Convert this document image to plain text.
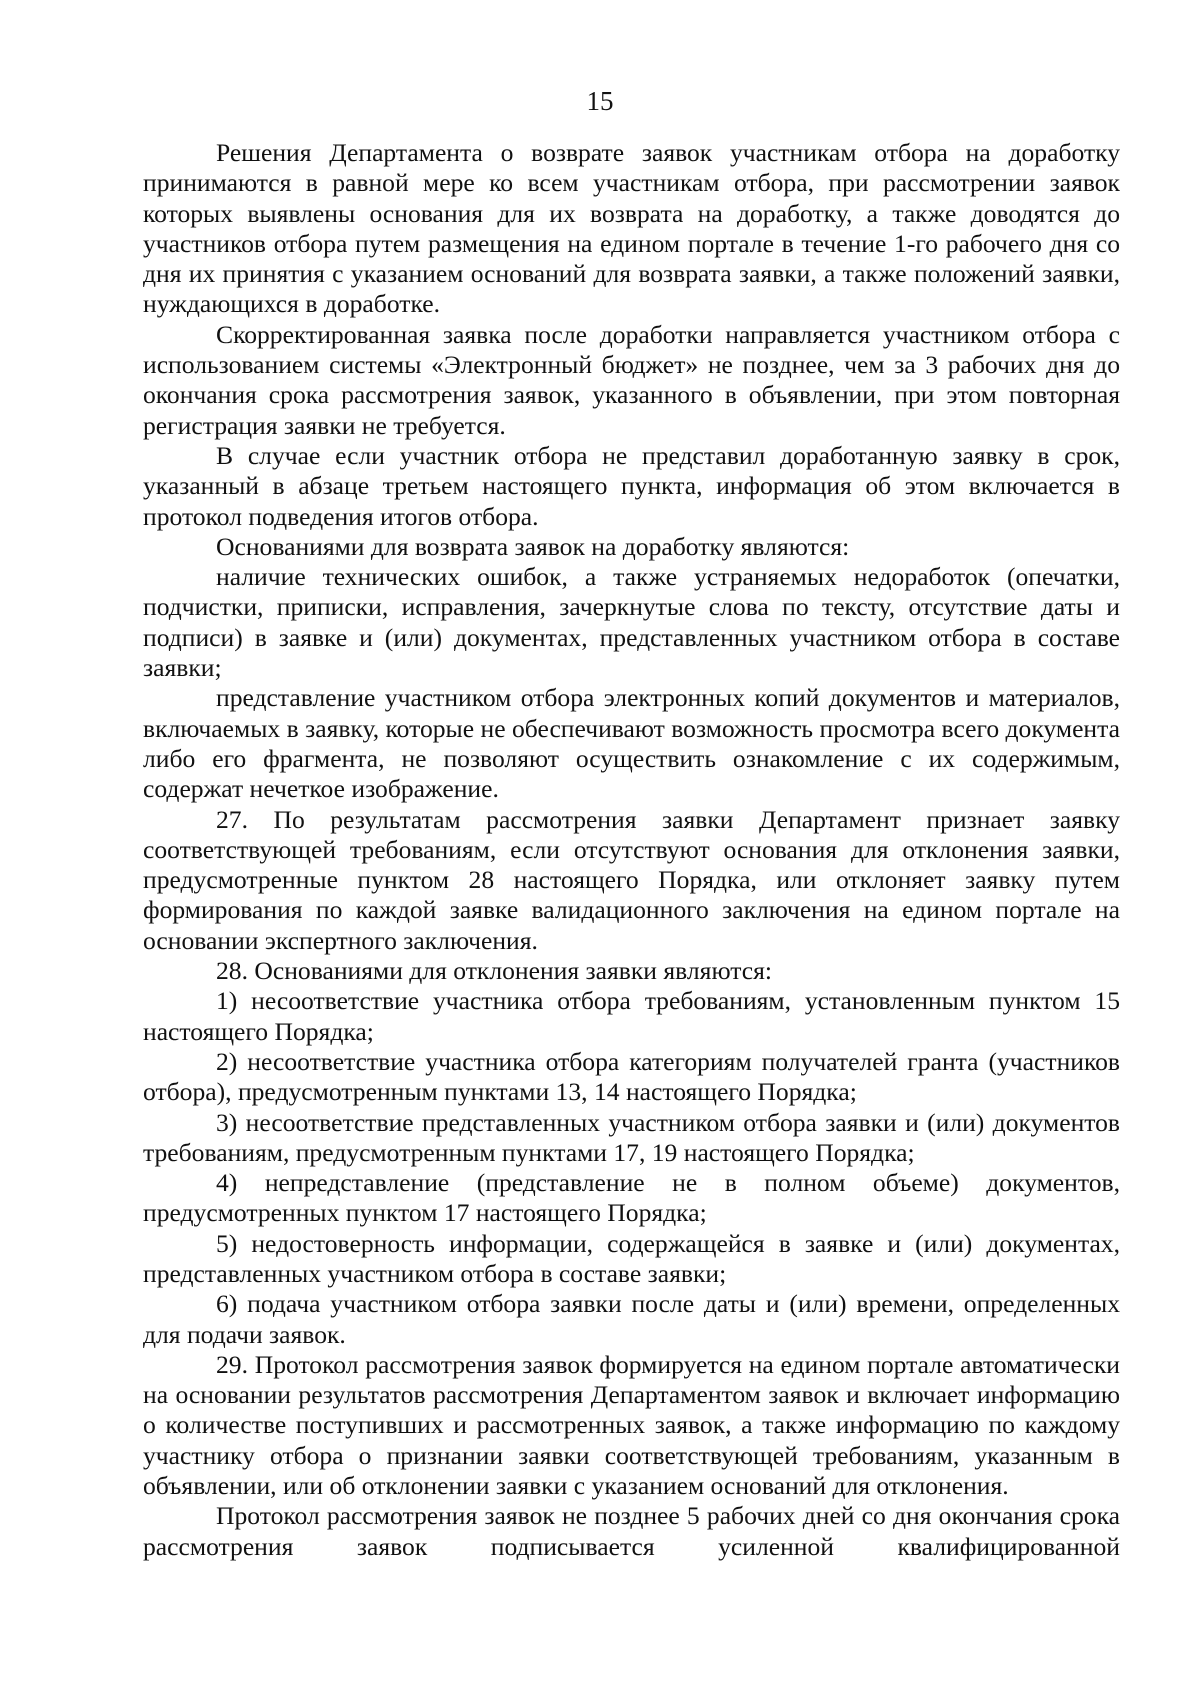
15

Решения Департамента о возврате заявок участникам отбора на доработку принимаются в равной мере ко всем участникам отбора, при рассмотрении заявок которых выявлены основания для их возврата на доработку, а также доводятся до участников отбора путем размещения на едином портале в течение 1-го рабочего дня со дня их принятия с указанием оснований для возврата заявки, а также положений заявки, нуждающихся в доработке.

Скорректированная заявка после доработки направляется участником отбора с использованием системы «Электронный бюджет» не позднее, чем за 3 рабочих дня до окончания срока рассмотрения заявок, указанного в объявлении, при этом повторная регистрация заявки не требуется.

В случае если участник отбора не представил доработанную заявку в срок, указанный в абзаце третьем настоящего пункта, информация об этом включается в протокол подведения итогов отбора.

Основаниями для возврата заявок на доработку являются:

наличие технических ошибок, а также устраняемых недоработок (опечатки, подчистки, приписки, исправления, зачеркнутые слова по тексту, отсутствие даты и подписи) в заявке и (или) документах, представленных участником отбора в составе заявки;

представление участником отбора электронных копий документов и материалов, включаемых в заявку, которые не обеспечивают возможность просмотра всего документа либо его фрагмента, не позволяют осуществить ознакомление с их содержимым, содержат нечеткое изображение.

27. По результатам рассмотрения заявки Департамент признает заявку соответствующей требованиям, если отсутствуют основания для отклонения заявки, предусмотренные пунктом 28 настоящего Порядка, или отклоняет заявку путем формирования по каждой заявке валидационного заключения на едином портале на основании экспертного заключения.

28. Основаниями для отклонения заявки являются:

1) несоответствие участника отбора требованиям, установленным пунктом 15 настоящего Порядка;

2) несоответствие участника отбора категориям получателей гранта (участников отбора), предусмотренным пунктами 13, 14 настоящего Порядка;

3) несоответствие представленных участником отбора заявки и (или) документов требованиям, предусмотренным пунктами 17, 19 настоящего Порядка;

4) непредставление (представление не в полном объеме) документов, предусмотренных пунктом 17 настоящего Порядка;

5) недостоверность информации, содержащейся в заявке и (или) документах, представленных участником отбора в составе заявки;

6) подача участником отбора заявки после даты и (или) времени, определенных для подачи заявок.

29. Протокол рассмотрения заявок формируется на едином портале автоматически на основании результатов рассмотрения Департаментом заявок и включает информацию о количестве поступивших и рассмотренных заявок, а также информацию по каждому участнику отбора о признании заявки соответствующей требованиям, указанным в объявлении, или об отклонении заявки с указанием оснований для отклонения.

Протокол рассмотрения заявок не позднее 5 рабочих дней со дня окончания срока рассмотрения заявок подписывается усиленной квалифицированной
